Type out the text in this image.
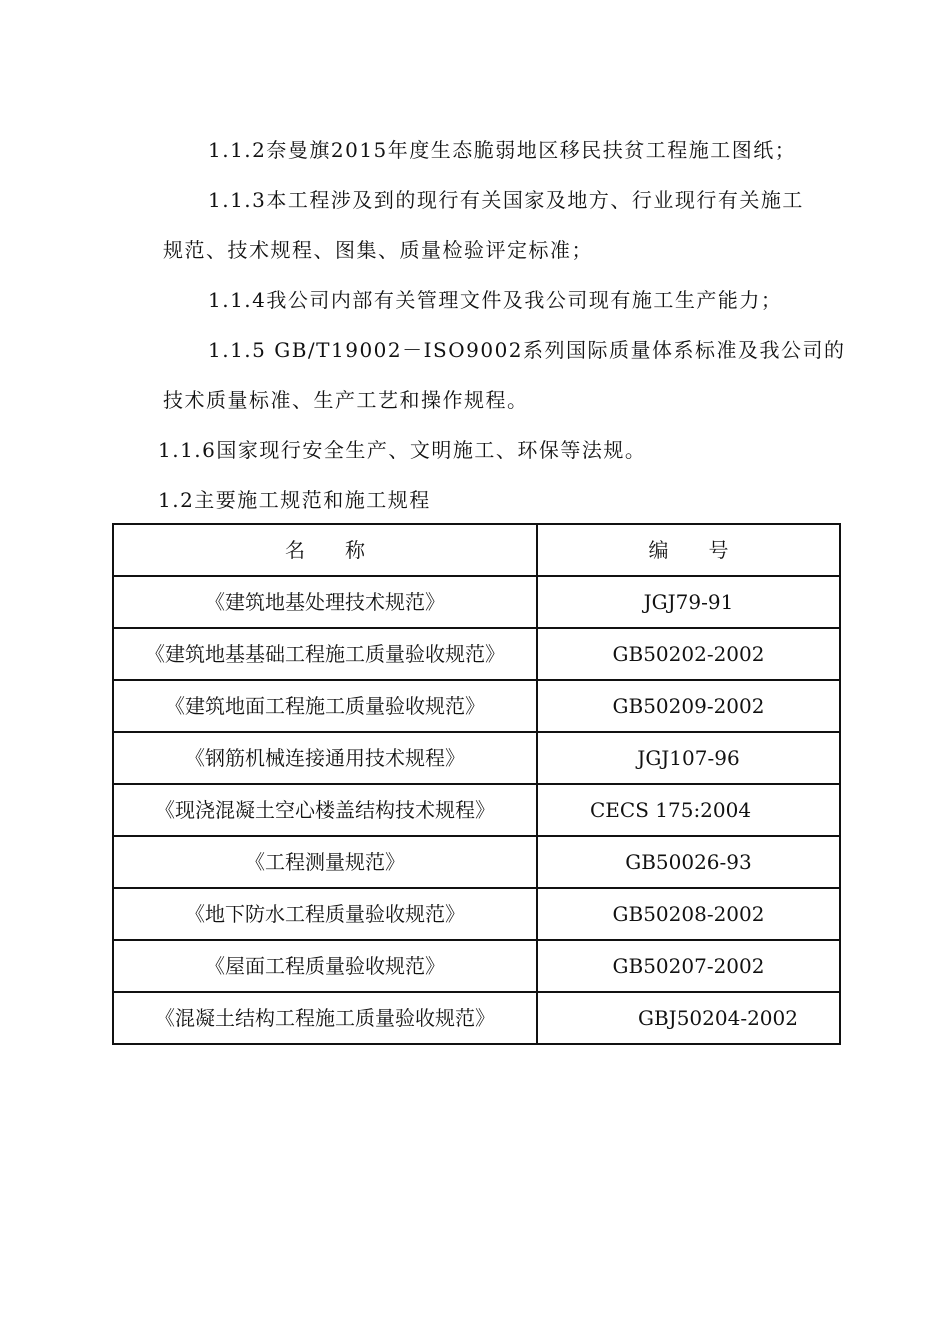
1.1.2奈曼旗2015年度生态脆弱地区移民扶贫工程施工图纸；
1.1.3本工程涉及到的现行有关国家及地方、行业现行有关施工
规范、技术规程、图集、质量检验评定标准；
1.1.4我公司内部有关管理文件及我公司现有施工生产能力；
1.1.5 GB/T19002－ISO9002系列国际质量体系标准及我公司的
技术质量标准、生产工艺和操作规程。
1.1.6国家现行安全生产、文明施工、环保等法规。
1.2主要施工规范和施工规程
名　　称	编　　号
《建筑地基处理技术规范》	JGJ79-91
《建筑地基基础工程施工质量验收规范》	GB50202-2002
《建筑地面工程施工质量验收规范》	GB50209-2002
《钢筋机械连接通用技术规程》	JGJ107-96
《现浇混凝土空心楼盖结构技术规程》	CECS 175:2004
《工程测量规范》	GB50026-93
《地下防水工程质量验收规范》	GB50208-2002
《屋面工程质量验收规范》	GB50207-2002
《混凝土结构工程施工质量验收规范》	GBJ50204-2002
